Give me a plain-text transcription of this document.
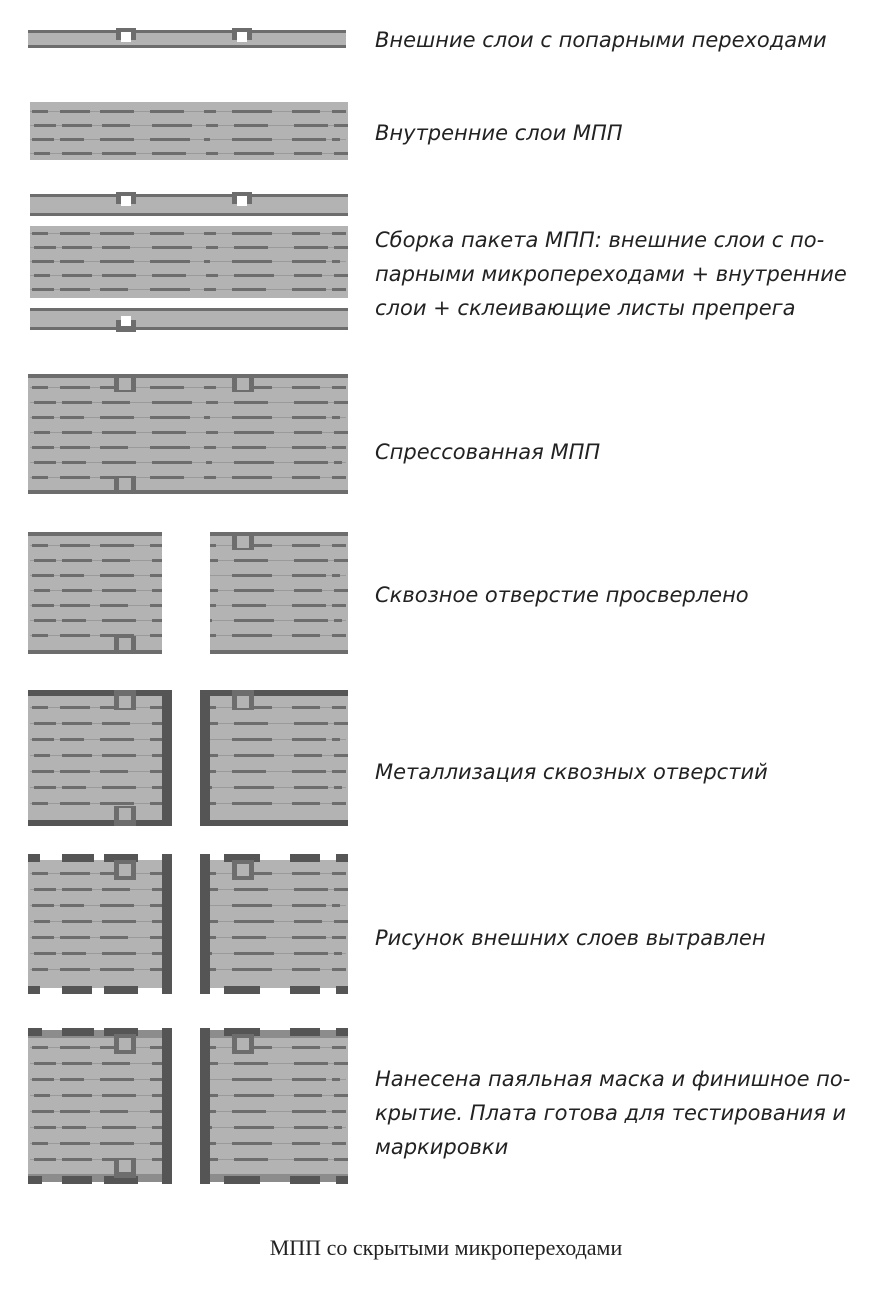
Внешние слои с попарными переходами
Внутренние слои МПП
Сборка пакета МПП: внешние слои с по-
парными микропереходами + внутренние
слои + склеивающие листы препрега
Спрессованная МПП
Сквозное отверстие просверлено
Металлизация сквозных отверстий
Рисунок внешних слоев вытравлен
Нанесена паяльная маска и финишное по-
крытие. Плата готова для тестирования и
маркировки
МПП со скрытыми микропереходами
